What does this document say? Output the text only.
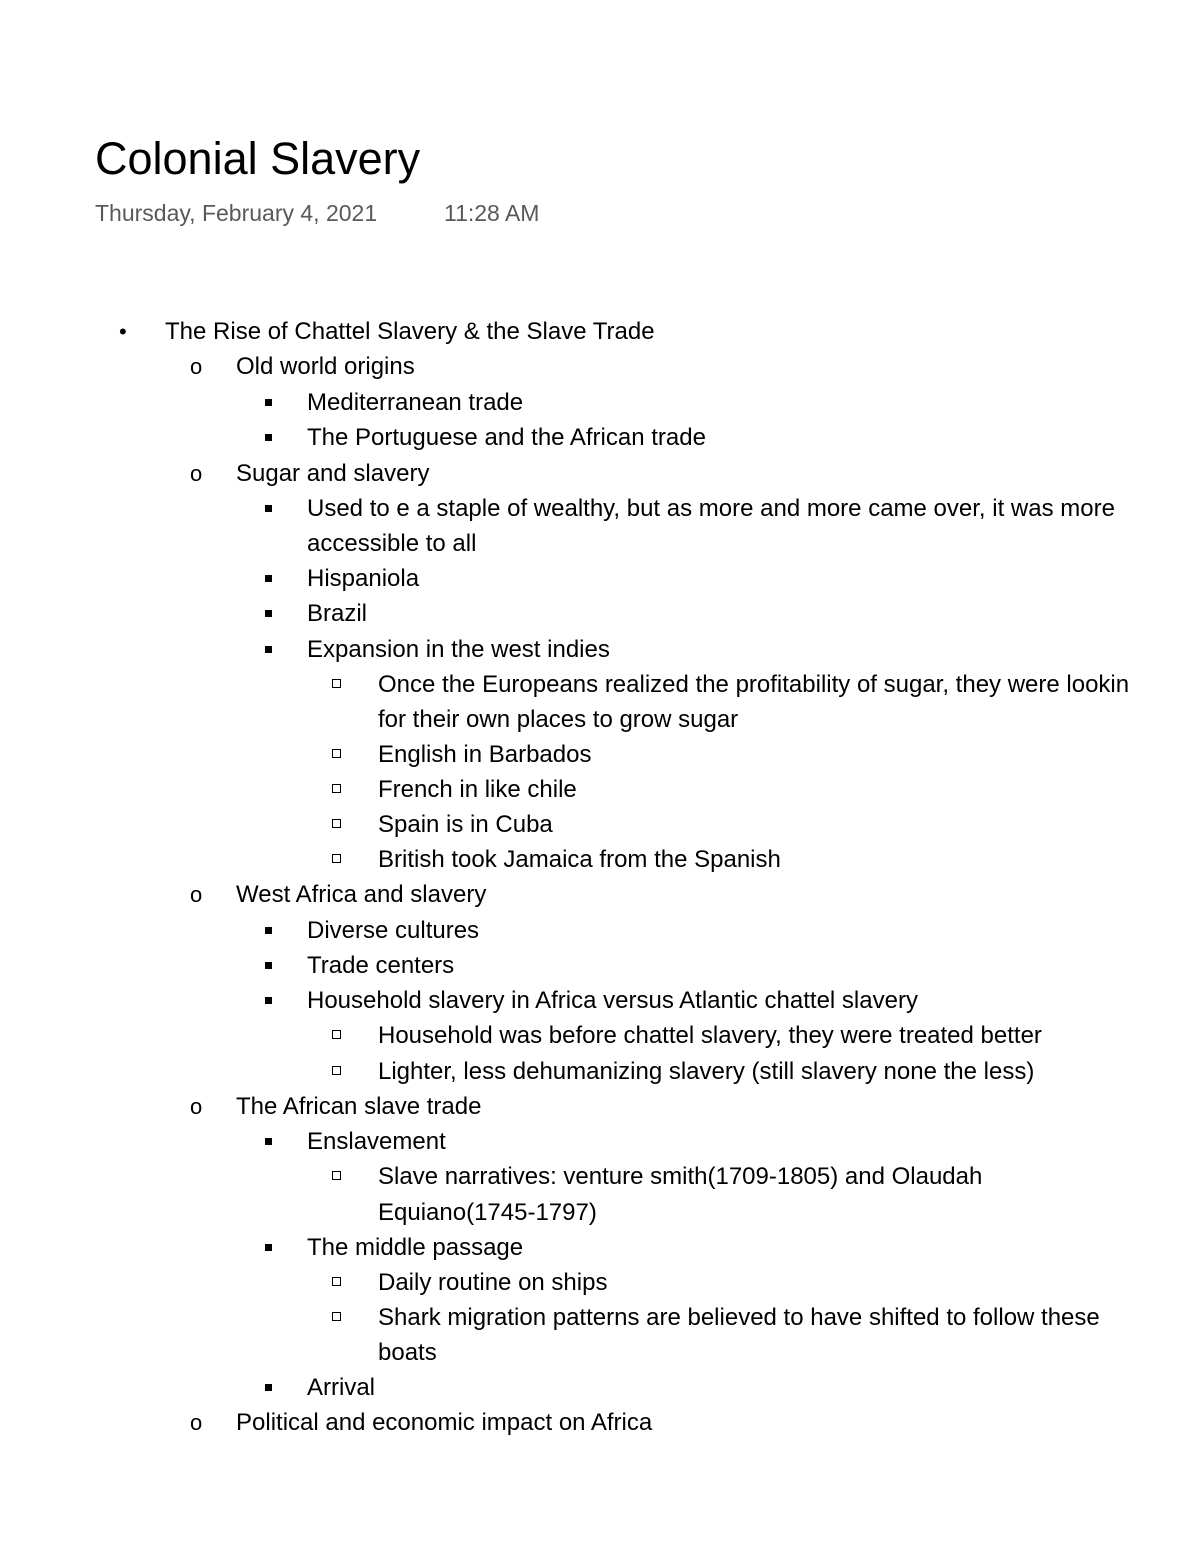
Colonial Slavery
Thursday, February 4, 2021	11:28 AM
• The Rise of Chattel Slavery & the Slave Trade
o Old world origins
Mediterranean trade
The Portuguese and the African trade
o Sugar and slavery
Used to e a staple of wealthy, but as more and more came over, it was more
accessible to all
Hispaniola
Brazil
Expansion in the west indies
Once the Europeans realized the profitability of sugar, they were lookin
for their own places to grow sugar
English in Barbados
French in like chile
Spain is in Cuba
British took Jamaica from the Spanish
o West Africa and slavery
Diverse cultures
Trade centers
Household slavery in Africa versus Atlantic chattel slavery
Household was before chattel slavery, they were treated better
Lighter, less dehumanizing slavery (still slavery none the less)
o The African slave trade
Enslavement
Slave narratives: venture smith(1709-1805) and Olaudah
Equiano(1745-1797)
The middle passage
Daily routine on ships
Shark migration patterns are believed to have shifted to follow these
boats
Arrival
o Political and economic impact on Africa
